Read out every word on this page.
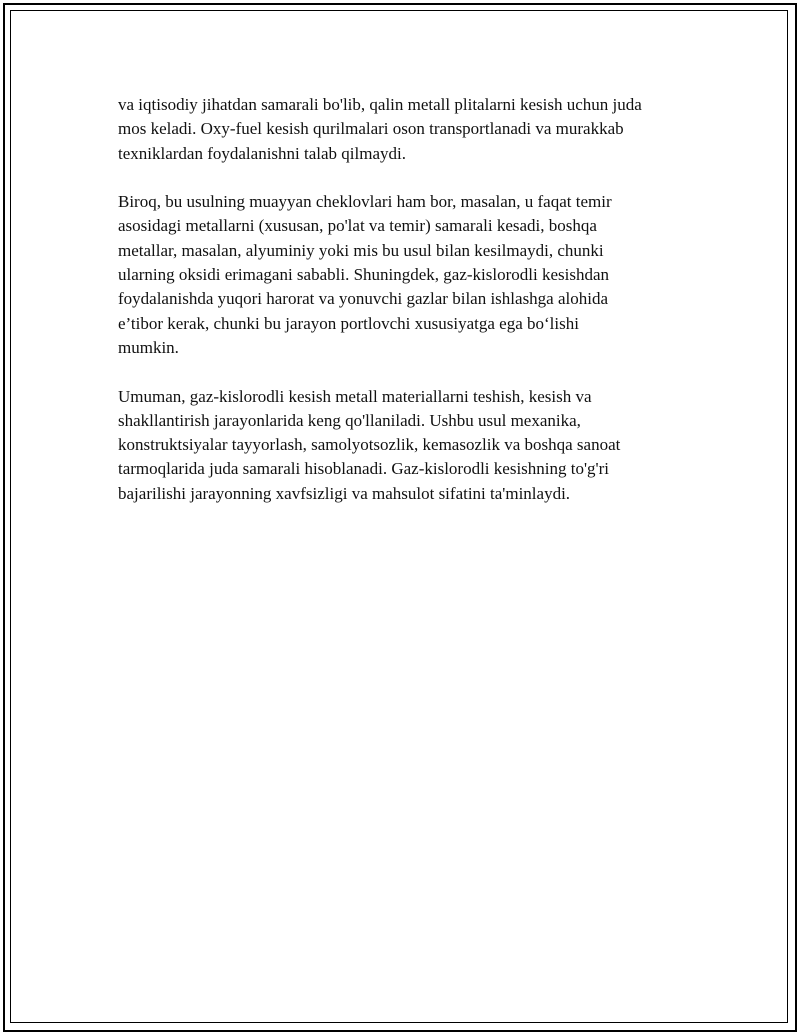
va iqtisodiy jihatdan samarali bo'lib, qalin metall plitalarni kesish uchun juda
mos keladi. Oxy-fuel kesish qurilmalari oson transportlanadi va murakkab
texniklardan foydalanishni talab qilmaydi.

Biroq, bu usulning muayyan cheklovlari ham bor, masalan, u faqat temir
asosidagi metallarni (xususan, po'lat va temir) samarali kesadi, boshqa
metallar, masalan, alyuminiy yoki mis bu usul bilan kesilmaydi, chunki
ularning oksidi erimagani sababli. Shuningdek, gaz-kislorodli kesishdan
foydalanishda yuqori harorat va yonuvchi gazlar bilan ishlashga alohida
e’tibor kerak, chunki bu jarayon portlovchi xususiyatga ega bo‘lishi
mumkin.

Umuman, gaz-kislorodli kesish metall materiallarni teshish, kesish va
shakllantirish jarayonlarida keng qo'llaniladi. Ushbu usul mexanika,
konstruktsiyalar tayyorlash, samolyotsozlik, kemasozlik va boshqa sanoat
tarmoqlarida juda samarali hisoblanadi. Gaz-kislorodli kesishning to'g'ri
bajarilishi jarayonning xavfsizligi va mahsulot sifatini ta'minlaydi.
